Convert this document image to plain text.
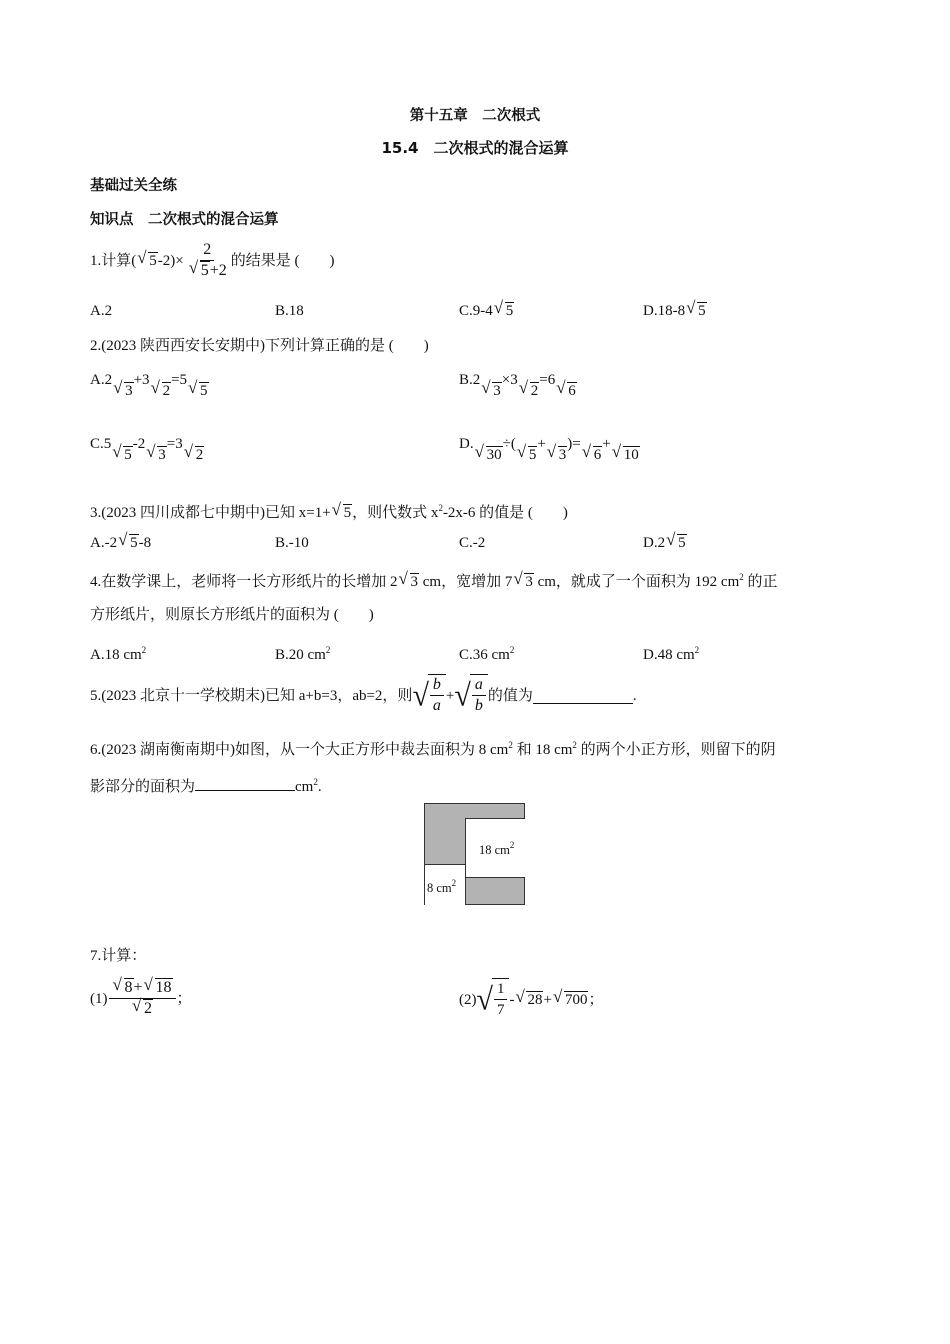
第十五章　二次根式
15.4　二次根式的混合运算
基础过关全练
知识点　二次根式的混合运算
1.计算( √ 5 -2)× 2
√ 5+2 的结果是 (　　)
A.2	B.18	C.9-4 √ 5	D.18-8 √ 5
2.(2023 陕西西安长安期中)下列计算正确的是 (　　)
A.2√ 3+3√ 2=5√ 5
B.2√ 3×3√ 2=6√ 6
C.5√ 5-2√ 3=3√ 2
D.√ 30÷(√ 5+√ 3)=√ 6+√ 10
3.(2023 四川成都七中期中)已知 x=1+ √ 5，则代数式 $x^2-2x-6$ 的值是 (　　)
A.-2 √ 5-8	B.-10	C.-2	D.2 √ 5
4.在数学课上，老师将一长方形纸片的长增加 2 √ 3 cm，宽增加 7 √ 3 cm，就成了一个面积为 192 $cm^2$ 的正
方形纸片，则原长方形纸片的面积为 (　　)
A.18 $cm^2$	B.20 $cm^2$	C.36 $cm^2$	D.48 $cm^2$
5.(2023 北京十一学校期末)已知 a+b=3，ab=2，则 √ $\frac{b}{a}$ + √ $\frac{a}{b}$ 的值为	.
6.(2023 湖南衡南期中)如图，从一个大正方形中裁去面积为 8 $cm^2$ 和 18 $cm^2$ 的两个小正方形，则留下的阴
影部分的面积为	$cm^2$.
18 $cm^2$
8 $cm^2$
7.计算：
(1) √ 8+ √ 18
√ 2 ；	(2) √ $\frac{1}{7}$ - √ 28 + √ 700 ；
